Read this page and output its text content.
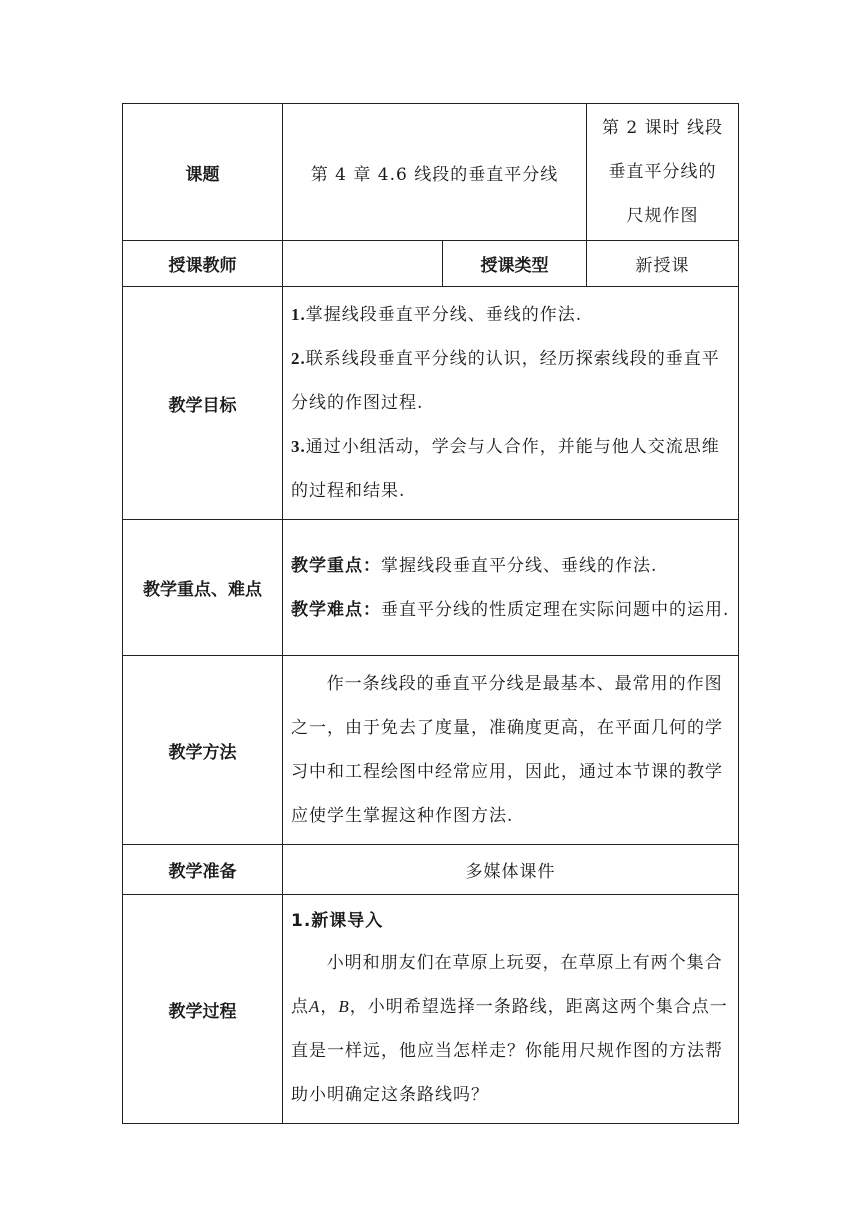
课题	第 4 章 4.6 线段的垂直平分线		第 2 课时 线段
垂直平分线的
尺规作图

授课教师		授课类型	新授课
教学目标	1.掌握线段垂直平分线、垂线的作法.

2.联系线段垂直平分线的认识，经历探索线段的垂直平分线的作图过程.

3.通过小组活动，学会与人合作，并能与他人交流思维的过程和结果.		

教学重点、难点	教学重点：掌握线段垂直平分线、垂线的作法.

教学难点：垂直平分线的性质定理在实际问题中的运用.		

教学方法	作一条线段的垂直平分线是最基本、最常用的作图之一，由于免去了度量，准确度更高，在平面几何的学习中和工程绘图中经常应用，因此，通过本节课的教学应使学生掌握这种作图方法.		

教学准备	多媒体课件		
教学过程	1.新课导入

小明和朋友们在草原上玩耍，在草原上有两个集合点A，B，小明希望选择一条路线，距离这两个集合点一直是一样远，他应当怎样走？你能用尺规作图的方法帮助小明确定这条路线吗？		
